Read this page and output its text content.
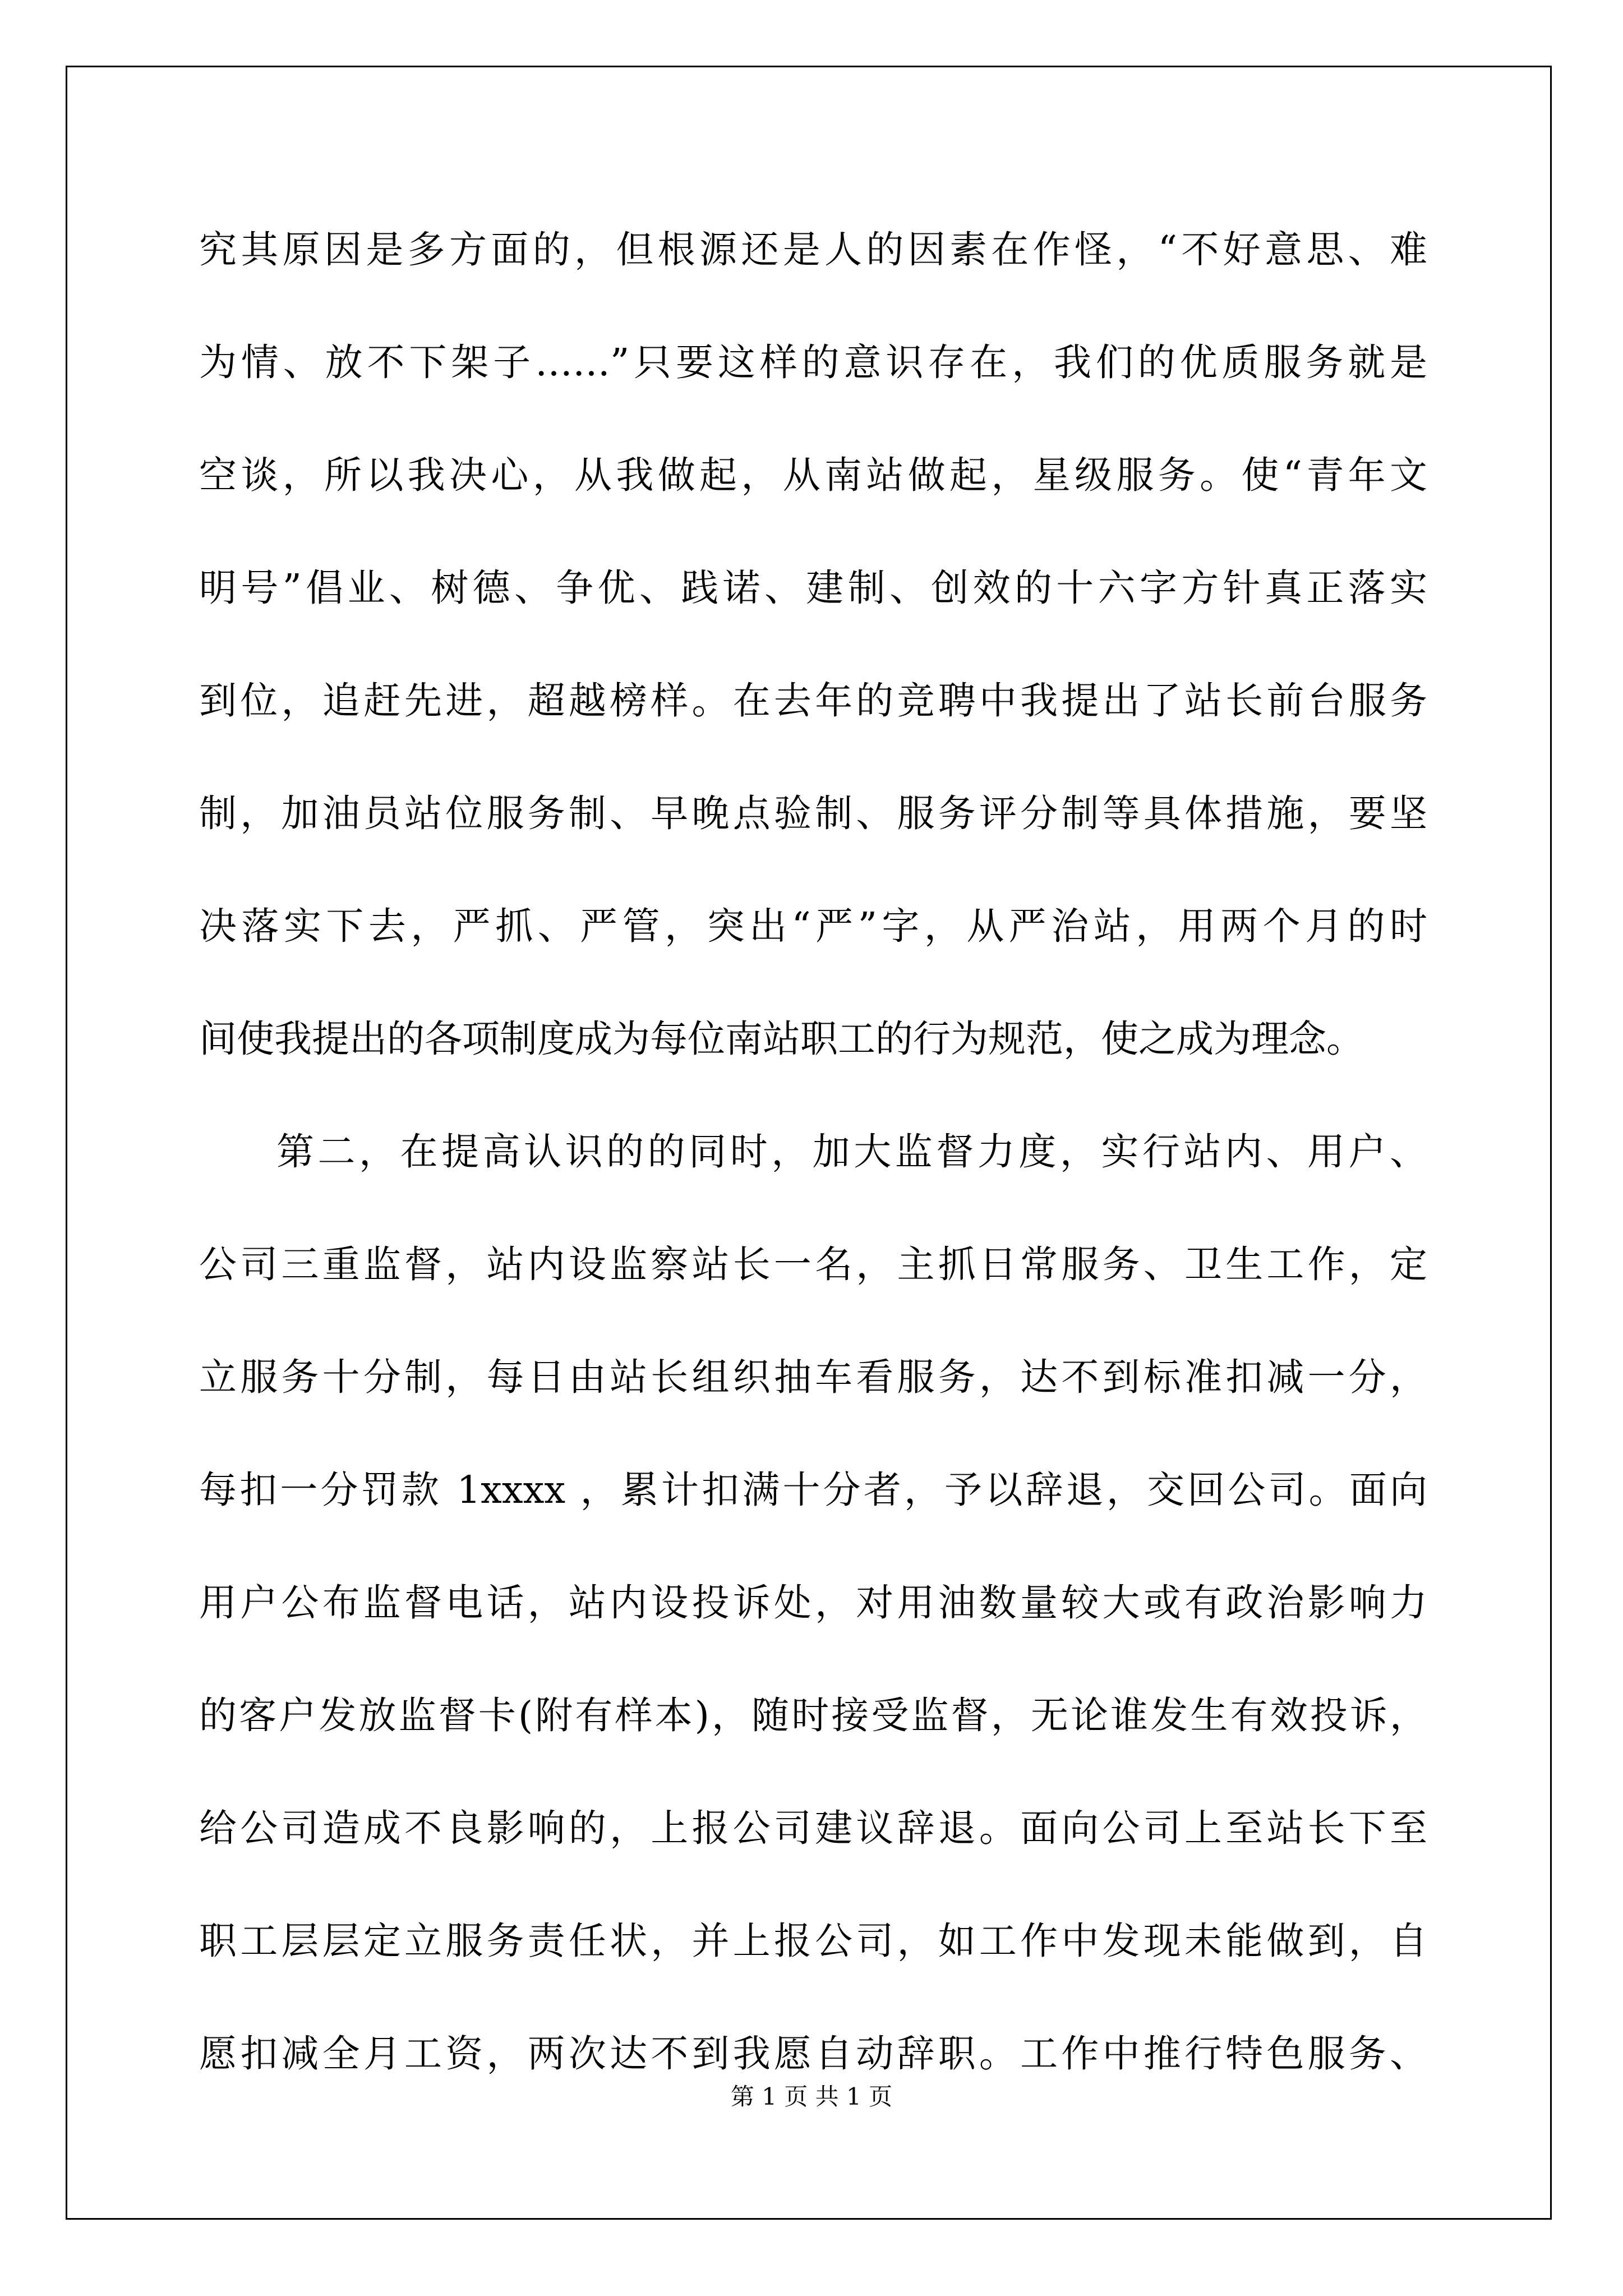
究其原因是多方面的，但根源还是人的因素在作怪，“不好意思、难
为情、放不下架子……”只要这样的意识存在，我们的优质服务就是
空谈，所以我决心，从我做起，从南站做起，星级服务。使“青年文
明号”倡业、树德、争优、践诺、建制、创效的十六字方针真正落实
到位，追赶先进，超越榜样。在去年的竞聘中我提出了站长前台服务
制，加油员站位服务制、早晚点验制、服务评分制等具体措施，要坚
决落实下去，严抓、严管，突出“严”字，从严治站，用两个月的时
间使我提出的各项制度成为每位南站职工的行为规范，使之成为理念。
第二，在提高认识的的同时，加大监督力度，实行站内、用户、
公司三重监督，站内设监察站长一名，主抓日常服务、卫生工作，定
立服务十分制，每日由站长组织抽车看服务，达不到标准扣减一分，
每扣一分罚款 1xxxx ，累计扣满十分者，予以辞退，交回公司。面向
用户公布监督电话，站内设投诉处，对用油数量较大或有政治影响力
的客户发放监督卡(附有样本)，随时接受监督，无论谁发生有效投诉，
给公司造成不良影响的，上报公司建议辞退。面向公司上至站长下至
职工层层定立服务责任状，并上报公司，如工作中发现未能做到，自
愿扣减全月工资，两次达不到我愿自动辞职。工作中推行特色服务、
第 1 页 共 1 页
